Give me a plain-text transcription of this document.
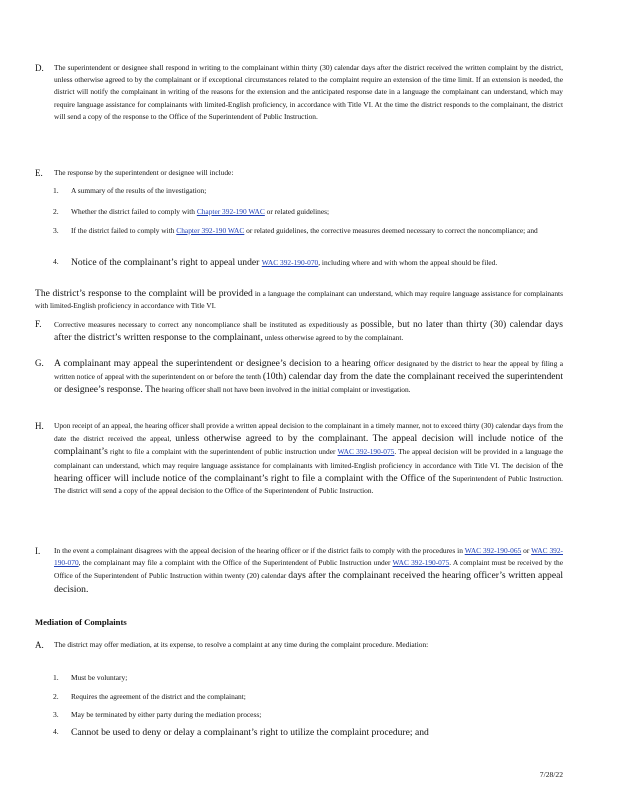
D.	The superintendent or designee shall respond in writing to the complainant within thirty (30) calendar days after the district received the written complaint by the district, unless otherwise agreed to by the complainant or if exceptional circumstances related to the complaint require an extension of the time limit. If an extension is needed, the district will notify the complainant in writing of the reasons for the extension and the anticipated response date in a language the complainant can understand, which may require language assistance for complainants with limited-English proficiency, in accordance with Title VI. At the time the district responds to the complainant, the district will send a copy of the response to the Office of the Superintendent of Public Instruction.
E.	The response by the superintendent or designee will include:
1.	A summary of the results of the investigation;
2.	Whether the district failed to comply with Chapter 392-190 WAC or related guidelines;
3.	If the district failed to comply with Chapter 392-190 WAC or related guidelines, the corrective measures deemed necessary to correct the noncompliance; and
4.	Notice of the complainant’s right to appeal under WAC 392-190-070, including where and with whom the appeal should be filed.
The district’s response to the complaint will be provided in a language the complainant can understand, which may require language assistance for complainants with limited-English proficiency in accordance with Title VI.
F.	Corrective measures necessary to correct any noncompliance shall be instituted as expeditiously as possible, but no later than thirty (30) calendar days after the district’s written response to the complainant, unless otherwise agreed to by the complainant.
G.	A complainant may appeal the superintendent or designee’s decision to a hearing officer designated by the district to hear the appeal by filing a written notice of appeal with the superintendent on or before the tenth (10th) calendar day from the date the complainant received the superintendent or designee’s response. The hearing officer shall not have been involved in the initial complaint or investigation.
H.	Upon receipt of an appeal, the hearing officer shall provide a written appeal decision to the complainant in a timely manner, not to exceed thirty (30) calendar days from the date the district received the appeal, unless otherwise agreed to by the complainant. The appeal decision will include notice of the complainant’s right to file a complaint with the superintendent of public instruction under WAC 392-190-075. The appeal decision will be provided in a language the complainant can understand, which may require language assistance for complainants with limited-English proficiency in accordance with Title VI. The decision of the hearing officer will include notice of the complainant’s right to file a complaint with the Office of the Superintendent of Public Instruction. The district will send a copy of the appeal decision to the Office of the Superintendent of Public Instruction.
I.	In the event a complainant disagrees with the appeal decision of the hearing officer or if the district fails to comply with the procedures in WAC 392-190-065 or WAC 392-190-070, the complainant may file a complaint with the Office of the Superintendent of Public Instruction under WAC 392-190-075. A complaint must be received by the Office of the Superintendent of Public Instruction within twenty (20) calendar days after the complainant received the hearing officer’s written appeal decision.
Mediation of Complaints
A.	The district may offer mediation, at its expense, to resolve a complaint at any time during the complaint procedure. Mediation:
1.	Must be voluntary;
2.	Requires the agreement of the district and the complainant;
3.	May be terminated by either party during the mediation process;
4.	Cannot be used to deny or delay a complainant’s right to utilize the complaint procedure; and
7/28/22
